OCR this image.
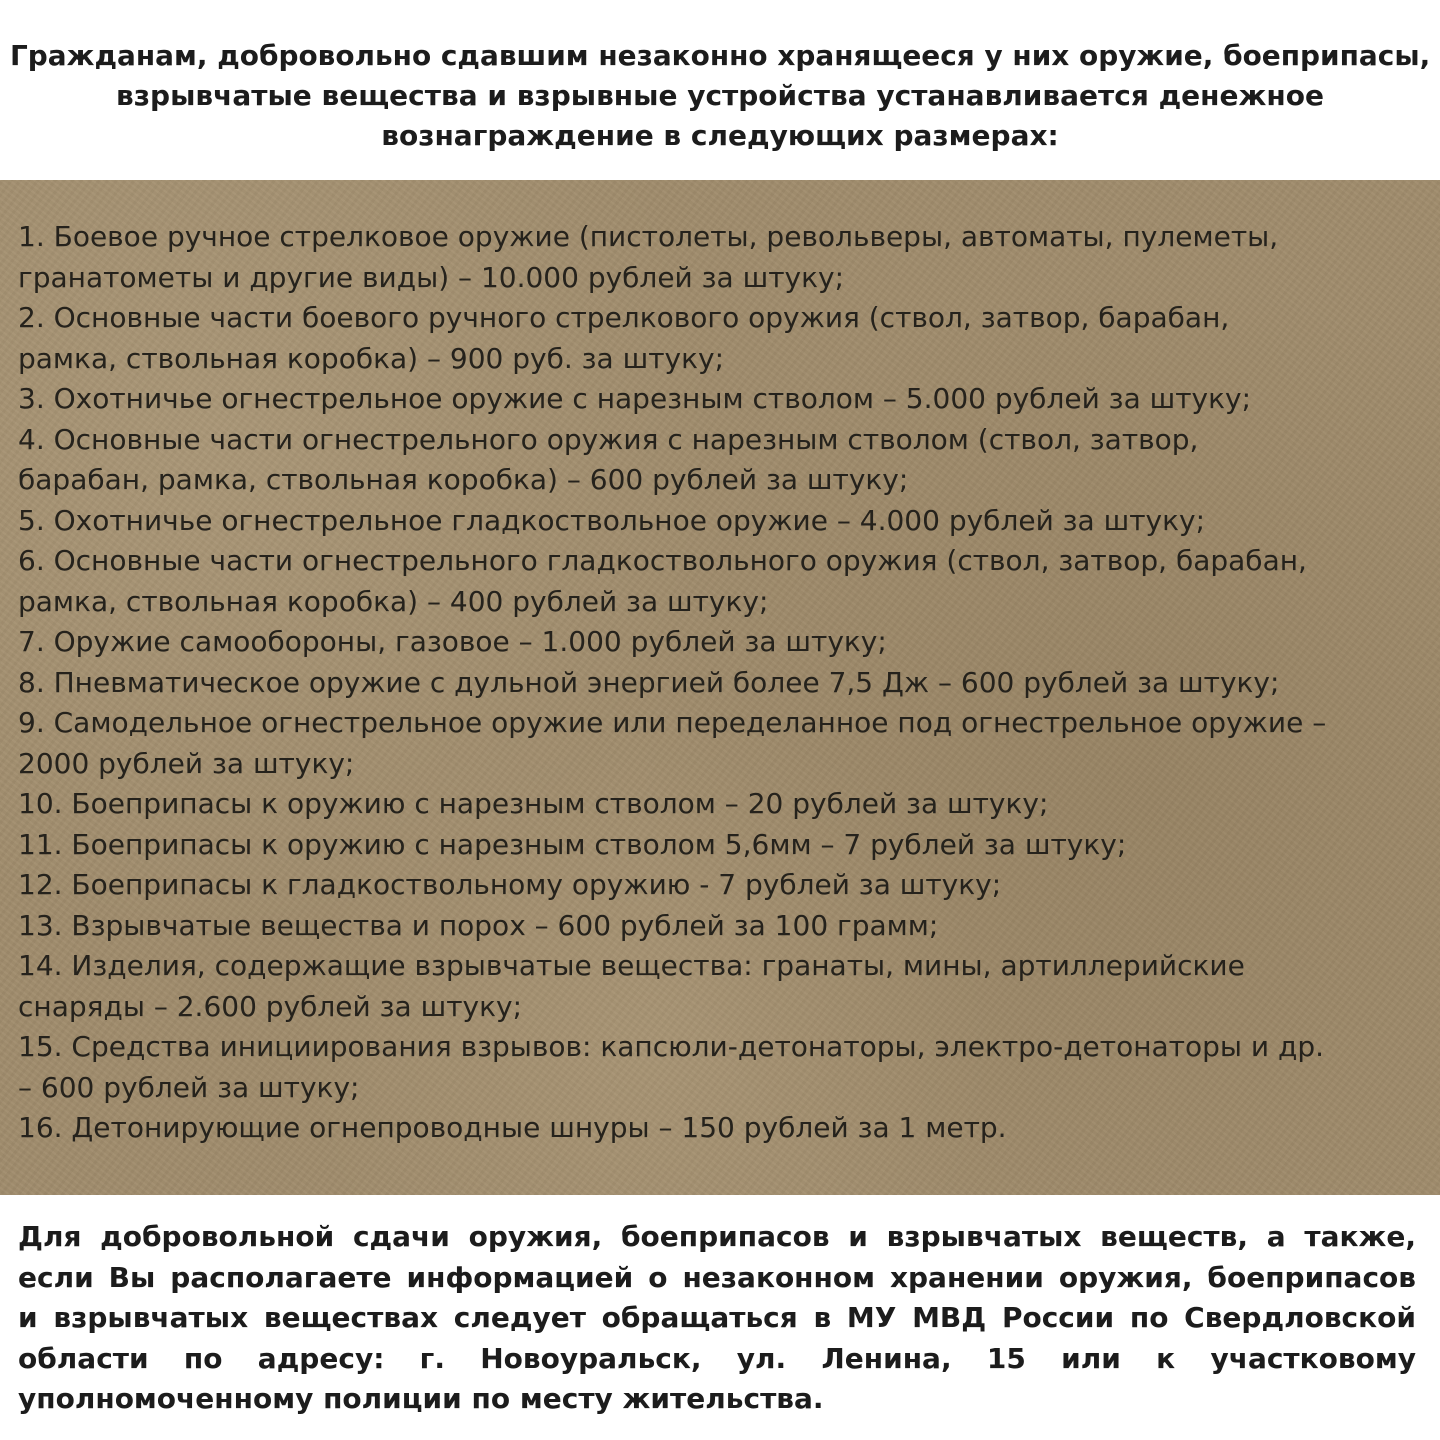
Гражданам, добровольно сдавшим незаконно хранящееся у них оружие, боеприпасы,
взрывчатые вещества и взрывные устройства устанавливается денежное
вознаграждение в следующих размерах:
1. Боевое ручное стрелковое оружие (пистолеты, револьверы, автоматы, пулеметы,
гранатометы и другие виды) – 10.000 рублей за штуку;
2. Основные части боевого ручного стрелкового оружия (ствол, затвор, барабан,
рамка, ствольная коробка) – 900 руб. за штуку;
3. Охотничье огнестрельное оружие с нарезным стволом – 5.000 рублей за штуку;
4. Основные части огнестрельного оружия с нарезным стволом (ствол, затвор,
барабан, рамка, ствольная коробка) – 600 рублей за штуку;
5. Охотничье огнестрельное гладкоствольное оружие – 4.000 рублей за штуку;
6. Основные части огнестрельного гладкоствольного оружия (ствол, затвор, барабан,
рамка, ствольная коробка) – 400 рублей за штуку;
7. Оружие самообороны, газовое – 1.000 рублей за штуку;
8. Пневматическое оружие с дульной энергией более 7,5 Дж – 600 рублей за штуку;
9. Самодельное огнестрельное оружие или переделанное под огнестрельное оружие –
2000 рублей за штуку;
10. Боеприпасы к оружию с нарезным стволом – 20 рублей за штуку;
11. Боеприпасы к оружию с нарезным стволом 5,6мм – 7 рублей за штуку;
12. Боеприпасы к гладкоствольному оружию - 7 рублей за штуку;
13. Взрывчатые вещества и порох – 600 рублей за 100 грамм;
14. Изделия, содержащие взрывчатые вещества: гранаты, мины, артиллерийские
снаряды – 2.600 рублей за штуку;
15. Средства инициирования взрывов: капсюли-детонаторы, электро-детонаторы и др.
– 600 рублей за штуку;
16. Детонирующие огнепроводные шнуры – 150 рублей за 1 метр.
Для добровольной сдачи оружия, боеприпасов и взрывчатых веществ, а также,
если Вы располагаете информацией о незаконном хранении оружия, боеприпасов
и взрывчатых веществах следует обращаться в МУ МВД России по Свердловской
области по адресу: г. Новоуральск, ул. Ленина, 15 или к участковому
уполномоченному полиции по месту жительства.
